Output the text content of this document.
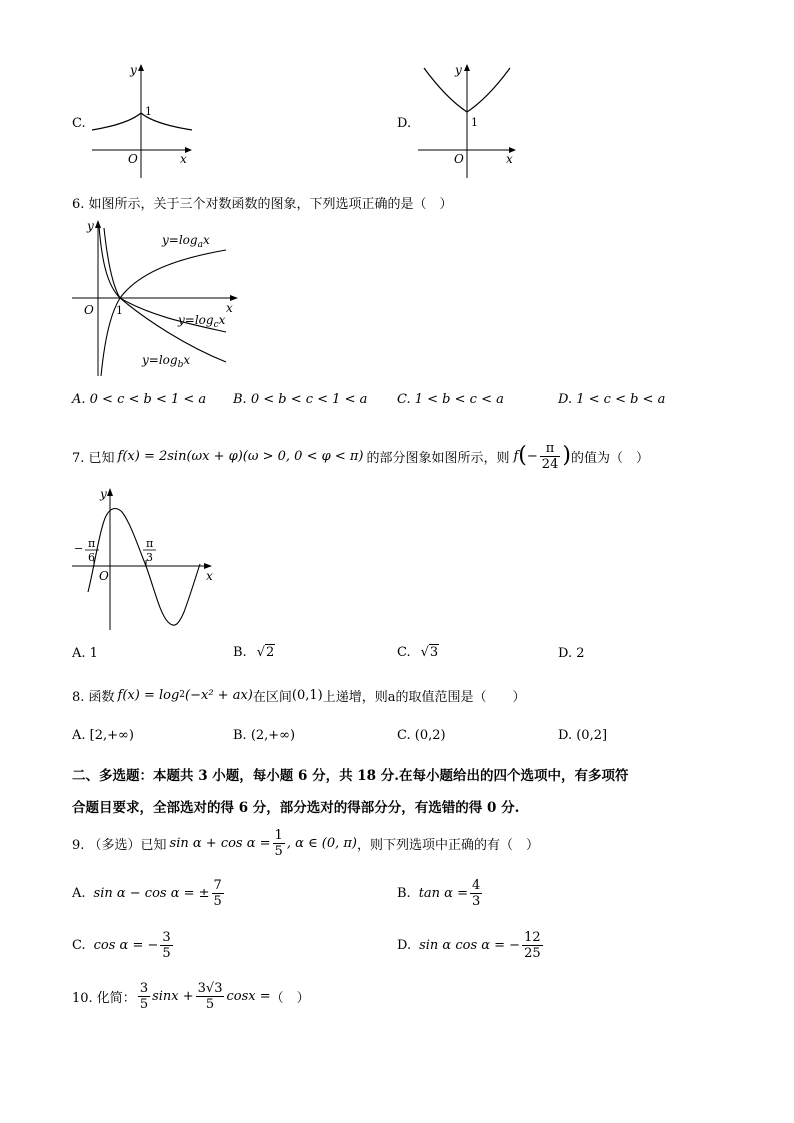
C.
y
x
O
1
D.
y
x
O
1
6. 如图所示，关于三个对数函数的图象，下列选项正确的是（　）
$y=\log_ax$
$y=\log_cx$
$y=\log_bx$
y
x
O 1
A. 0 < c < b < 1 < a B. 0 < b < c < 1 < a C. 1 < b < c < a	D. 1 < c < b < a
7. 已知 f(x) = 2sin(ωx + φ)(ω > 0, 0 < φ < π) 的部分图象如图所示，则 f ( − $\frac{\pi}{24}$ ) 的值为（　）
− π
6
π
3
y
x
O
A. 1	B. √ 2	C. √ 3	D. 2
8. 函数 f(x) = log 2 (−x² + ax) 在区间 (0,1) 上递增，则a的取值范围是（　　）
A. [2,+∞)	B. (2,+∞)	C. (0,2)	D. (0,2]
二、多选题：本题共 3 小题，每小题 6 分，共 18 分.在每小题给出的四个选项中，有多项符
合题目要求，全部选对的得 6 分，部分选对的得部分分，有选错的得 0 分.
9. （多选）已知 $\sin \alpha + \cos \alpha = \frac{1}{5}$ , α ∈ (0, π) ，则下列选项中正确的有（　）
A. sin α − cos α = ± $\frac{7}{5}$	B. $\tan \alpha = \frac{4}{3}$
C. cos α = − $\frac{3}{5}$	D. sin α cos α = − $\frac{12}{25}$
10. 化简： $\frac{3}{5}$ $\sin x + \frac{3√3}{5}$ cosx = （　）
